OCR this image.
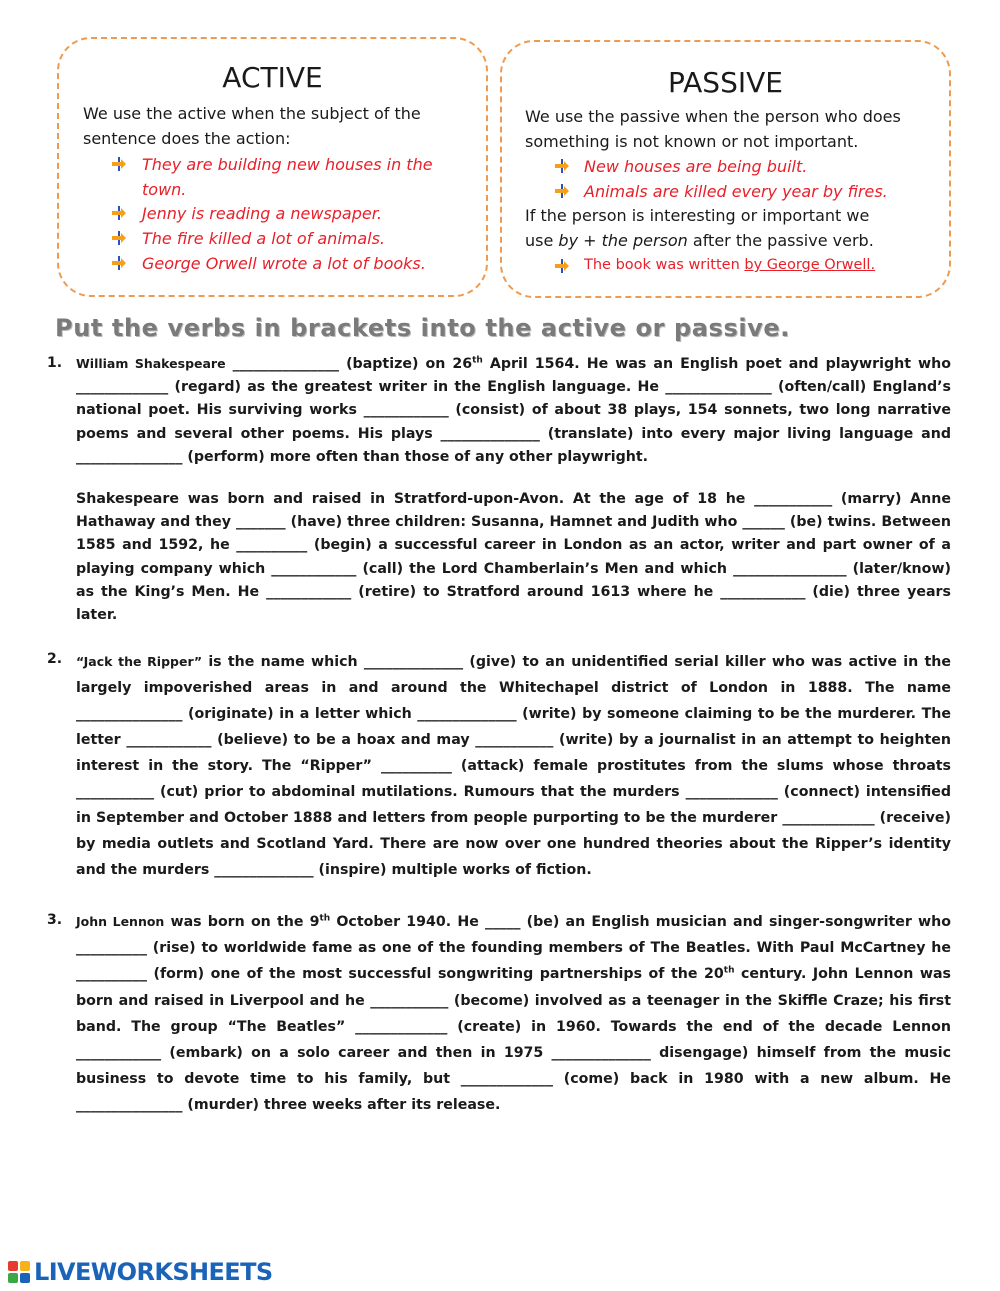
ACTIVE
We use the active when the subject of the
sentence does the action:
They are building new houses in the
town.
Jenny is reading a newspaper.
The fire killed a lot of animals.
George Orwell wrote a lot of books.
PASSIVE
We use the passive when the person who does
something is not known or not important.
New houses are being built.
Animals are killed every year by fires.
If the person is interesting or important we
use by + the person after the passive verb.
The book was written by George Orwell.
Put the verbs in brackets into the active or passive.
1. William Shakespeare _______________ (baptize) on 26th April 1564. He was an English poet and playwright who _____________ (regard) as the greatest writer in the English language. He _______________ (often/call) England’s national poet. His surviving works ____________ (consist) of about 38 plays, 154 sonnets, two long narrative poems and several other poems. His plays ______________ (translate) into every major living language and _______________ (perform) more often than those of any other playwright.

Shakespeare was born and raised in Stratford-upon-Avon. At the age of 18 he ___________ (marry) Anne Hathaway and they _______ (have) three children: Susanna, Hamnet and Judith who ______ (be) twins. Between 1585 and 1592, he __________ (begin) a successful career in London as an actor, writer and part owner of a playing company which ____________ (call) the Lord Chamberlain’s Men and which ________________ (later/know) as the King’s Men. He ____________ (retire) to Stratford around 1613 where he ____________ (die) three years later.

2. “Jack the Ripper” is the name which ______________ (give) to an unidentified serial killer who was active in the largely impoverished areas in and around the Whitechapel district of London in 1888. The name _______________ (originate) in a letter which ______________ (write) by someone claiming to be the murderer. The letter ____________ (believe) to be a hoax and may ___________ (write) by a journalist in an attempt to heighten interest in the story. The “Ripper” __________ (attack) female prostitutes from the slums whose throats ___________ (cut) prior to abdominal mutilations. Rumours that the murders _____________ (connect) intensified in September and October 1888 and letters from people purporting to be the murderer _____________ (receive) by media outlets and Scotland Yard. There are now over one hundred theories about the Ripper’s identity and the murders ______________ (inspire) multiple works of fiction.

3. John Lennon was born on the 9th October 1940. He _____ (be) an English musician and singer-songwriter who __________ (rise) to worldwide fame as one of the founding members of The Beatles. With Paul McCartney he __________ (form) one of the most successful songwriting partnerships of the 20th century. John Lennon was born and raised in Liverpool and he ___________ (become) involved as a teenager in the Skiffle Craze; his first band. The group “The Beatles” _____________ (create) in 1960. Towards the end of the decade Lennon ____________ (embark) on a solo career and then in 1975 ______________ disengage) himself from the music business to devote time to his family, but _____________ (come) back in 1980 with a new album. He _______________ (murder) three weeks after its release.

LIVEWORKSHEETS
